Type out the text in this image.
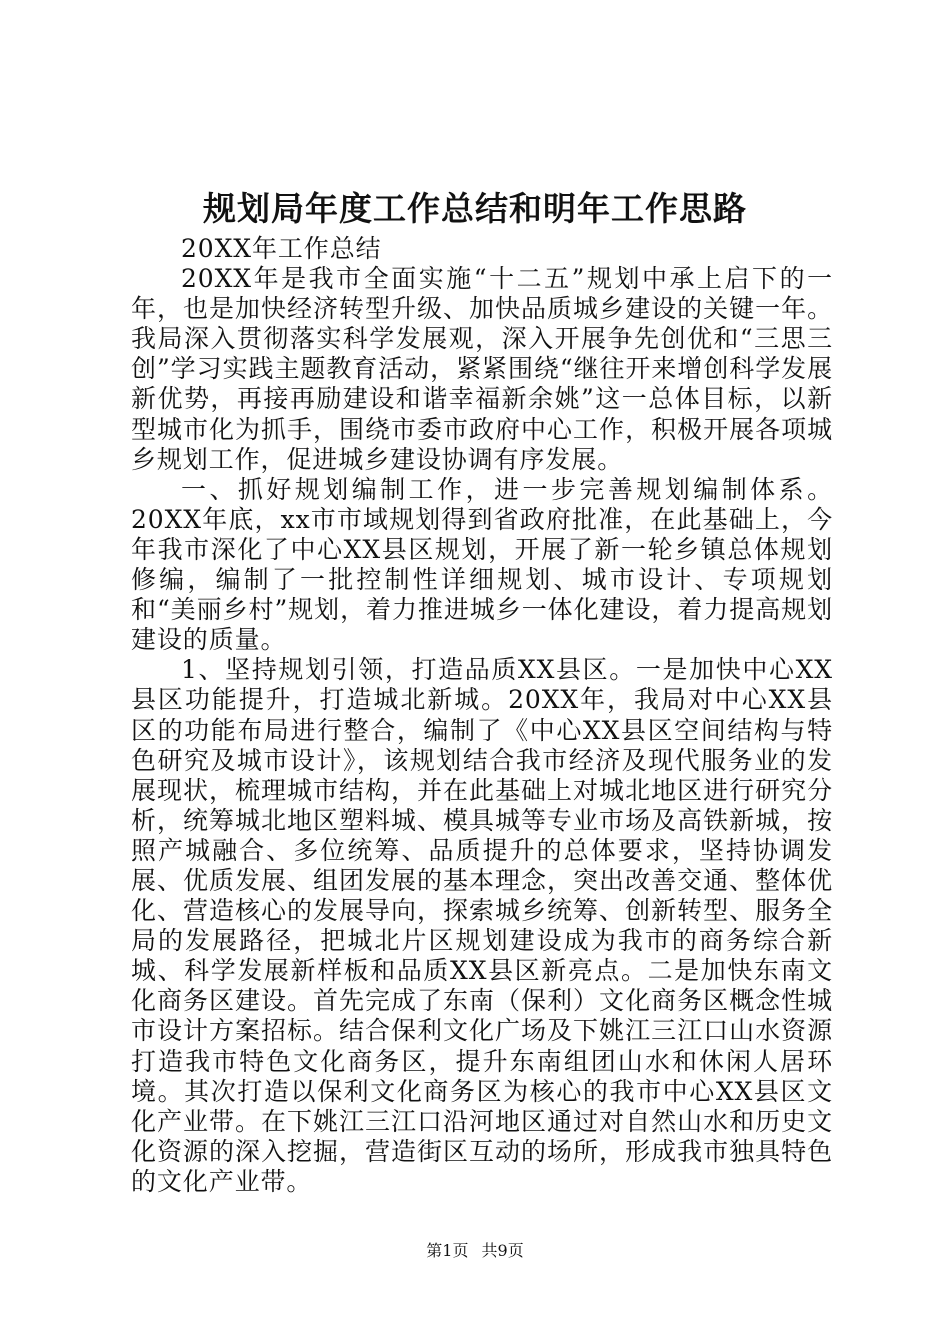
规划局年度工作总结和明年工作思路

20XX年工作总结

20XX年是我市全面实施“十二五”规划中承上启下的一年，也是加快经济转型升级、加快品质城乡建设的关键一年。我局深入贯彻落实科学发展观，深入开展争先创优和“三思三创”学习实践主题教育活动，紧紧围绕“继往开来增创科学发展新优势，再接再励建设和谐幸福新余姚”这一总体目标，以新型城市化为抓手，围绕市委市政府中心工作，积极开展各项城乡规划工作，促进城乡建设协调有序发展。

一、抓好规划编制工作，进一步完善规划编制体系。20XX年底，xx市市域规划得到省政府批准，在此基础上，今年我市深化了中心XX县区规划，开展了新一轮乡镇总体规划修编，编制了一批控制性详细规划、城市设计、专项规划和“美丽乡村”规划，着力推进城乡一体化建设，着力提高规划建设的质量。

1、坚持规划引领，打造品质XX县区。一是加快中心XX县区功能提升，打造城北新城。20XX年，我局对中心XX县区的功能布局进行整合，编制了《中心XX县区空间结构与特色研究及城市设计》，该规划结合我市经济及现代服务业的发展现状，梳理城市结构，并在此基础上对城北地区进行研究分析，统筹城北地区塑料城、模具城等专业市场及高铁新城，按照产城融合、多位统筹、品质提升的总体要求，坚持协调发展、优质发展、组团发展的基本理念，突出改善交通、整体优化、营造核心的发展导向，探索城乡统筹、创新转型、服务全局的发展路径，把城北片区规划建设成为我市的商务综合新城、科学发展新样板和品质XX县区新亮点。二是加快东南文化商务区建设。首先完成了东南（保利）文化商务区概念性城市设计方案招标。结合保利文化广场及下姚江三江口山水资源打造我市特色文化商务区，提升东南组团山水和休闲人居环境。其次打造以保利文化商务区为核心的我市中心XX县区文化产业带。在下姚江三江口沿河地区通过对自然山水和历史文化资源的深入挖掘，营造街区互动的场所，形成我市独具特色的文化产业带。

第1页 共9页
